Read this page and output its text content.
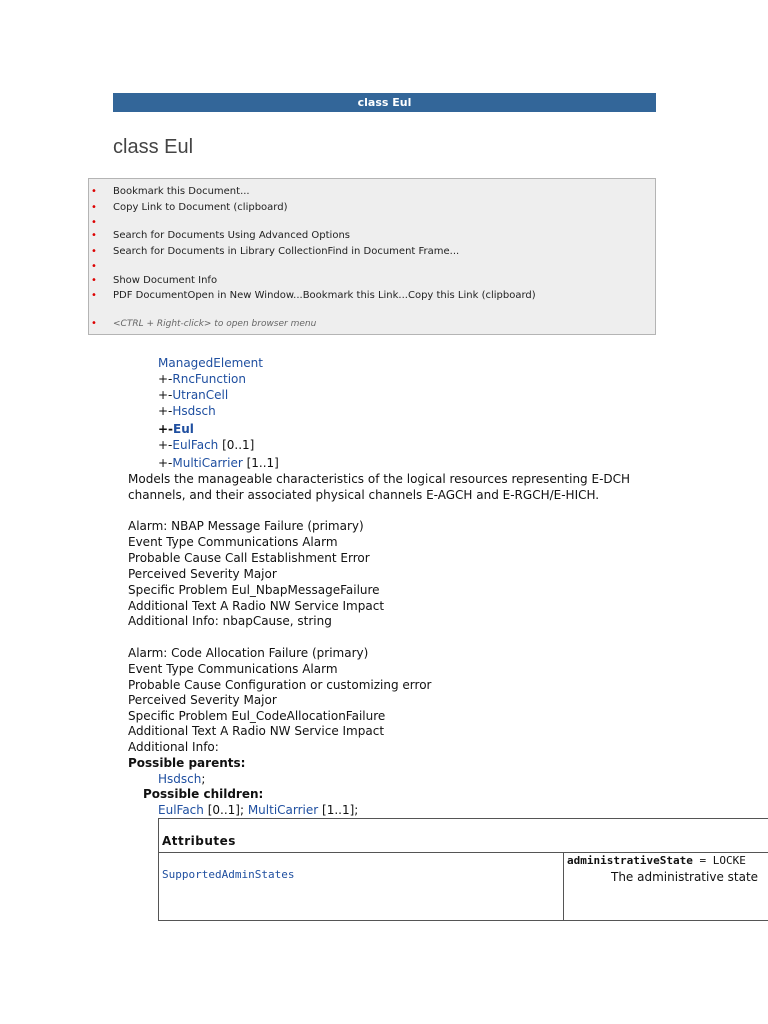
class Eul
class Eul
• Bookmark this Document...
• Copy Link to Document (clipboard)
•
• Search for Documents Using Advanced Options
• Search for Documents in Library CollectionFind in Document Frame...
•
• Show Document Info
• PDF DocumentOpen in New Window...Bookmark this Link...Copy this Link (clipboard)
• <CTRL + Right-click> to open browser menu
ManagedElement
+-RncFunction
+-UtranCell
+-Hsdsch
+-Eul
+-EulFach [0..1]
+-MultiCarrier [1..1]
Models the manageable characteristics of the logical resources representing E-DCH
channels, and their associated physical channels E-AGCH and E-RGCH/E-HICH.
Alarm: NBAP Message Failure (primary)
Event Type Communications Alarm
Probable Cause Call Establishment Error
Perceived Severity Major
Specific Problem Eul_NbapMessageFailure
Additional Text A Radio NW Service Impact
Additional Info: nbapCause, string
Alarm: Code Allocation Failure (primary)
Event Type Communications Alarm
Probable Cause Configuration or customizing error
Perceived Severity Major
Specific Problem Eul_CodeAllocationFailure
Additional Text A Radio NW Service Impact
Additional Info:
Possible parents:
Hsdsch;
Possible children:
EulFach [0..1]; MultiCarrier [1..1];
Attributes
SupportedAdminStates
administrativeState = LOCKE
The administrative state
